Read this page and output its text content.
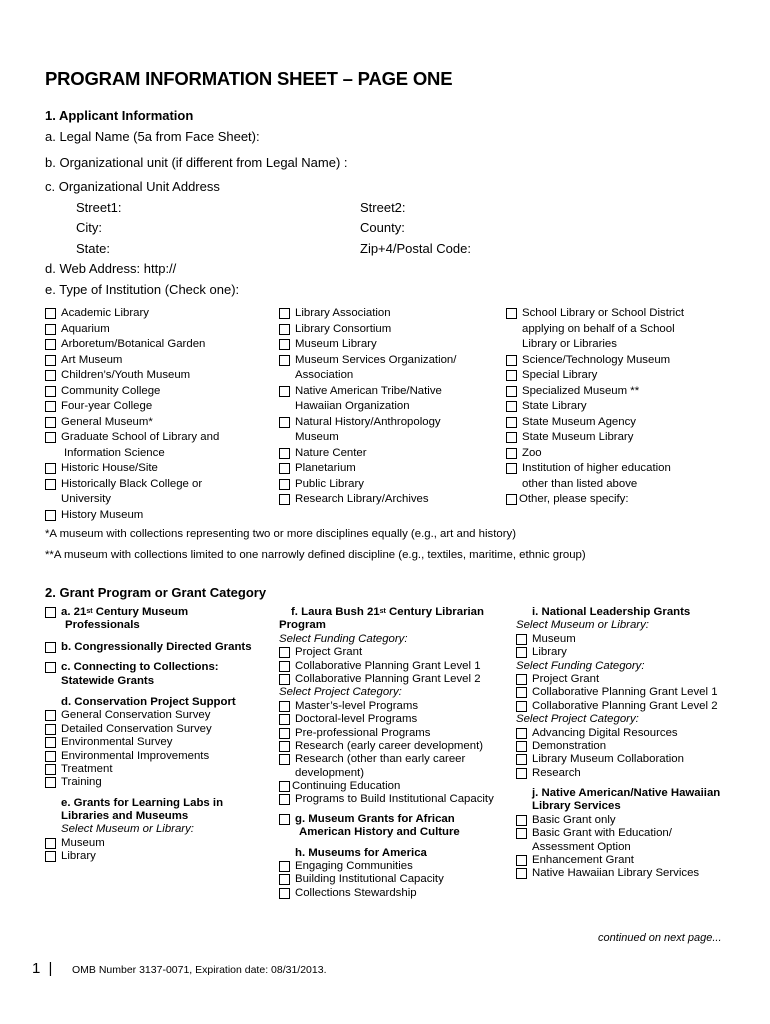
PROGRAM INFORMATION SHEET – PAGE ONE
1. Applicant Information
a. Legal Name (5a from Face Sheet):
b. Organizational unit (if different from Legal Name) :
c. Organizational Unit Address
Street1:	Street2:
City:	County:
State:	Zip+4/Postal Code:
d. Web Address: http://
e. Type of Institution (Check one):
Academic Library
Aquarium
Arboretum/Botanical Garden
Art Museum
Children’s/Youth Museum
Community College
Four-year College
General Museum*
Graduate School of Library and
Information Science
Historic House/Site
Historically Black College or
University
History Museum
Library Association
Library Consortium
Museum Library
Museum Services Organization/
Association
Native American Tribe/Native
Hawaiian Organization
Natural History/Anthropology
Museum
Nature Center
Planetarium
Public Library
Research Library/Archives
School Library or School District
applying on behalf of a School
Library or Libraries
Science/Technology Museum
Special Library
Specialized Museum **
State Library
State Museum Agency
State Museum Library
Zoo
Institution of higher education
other than listed above
Other, please specify:
*A museum with collections representing two or more disciplines equally (e.g., art and history)
**A museum with collections limited to one narrowly defined discipline (e.g., textiles, maritime, ethnic group)
2. Grant Program or Grant Category
a. 21st Century Museum
Professionals
b. Congressionally Directed Grants
c. Connecting to Collections:
Statewide Grants
d. Conservation Project Support
General Conservation Survey
Detailed Conservation Survey
Environmental Survey
Environmental Improvements
Treatment
Training
e. Grants for Learning Labs in
Libraries and Museums
Select Museum or Library:
Museum
Library
f. Laura Bush 21st Century Librarian
Program
Select Funding Category:
Project Grant
Collaborative Planning Grant Level 1
Collaborative Planning Grant Level 2
Select Project Category:
Master’s-level Programs
Doctoral-level Programs
Pre-professional Programs
Research (early career development)
Research (other than early career
development)
Continuing Education
Programs to Build Institutional Capacity
g. Museum Grants for African
American History and Culture
h. Museums for America
Engaging Communities
Building Institutional Capacity
Collections Stewardship
i. National Leadership Grants
Select Museum or Library:
Museum
Library
Select Funding Category:
Project Grant
Collaborative Planning Grant Level 1
Collaborative Planning Grant Level 2
Select Project Category:
Advancing Digital Resources
Demonstration
Library Museum Collaboration
Research
j. Native American/Native Hawaiian
Library Services
Basic Grant only
Basic Grant with Education/
Assessment Option
Enhancement Grant
Native Hawaiian Library Services
continued on next page...
1 | OMB Number 3137-0071, Expiration date: 08/31/2013.
